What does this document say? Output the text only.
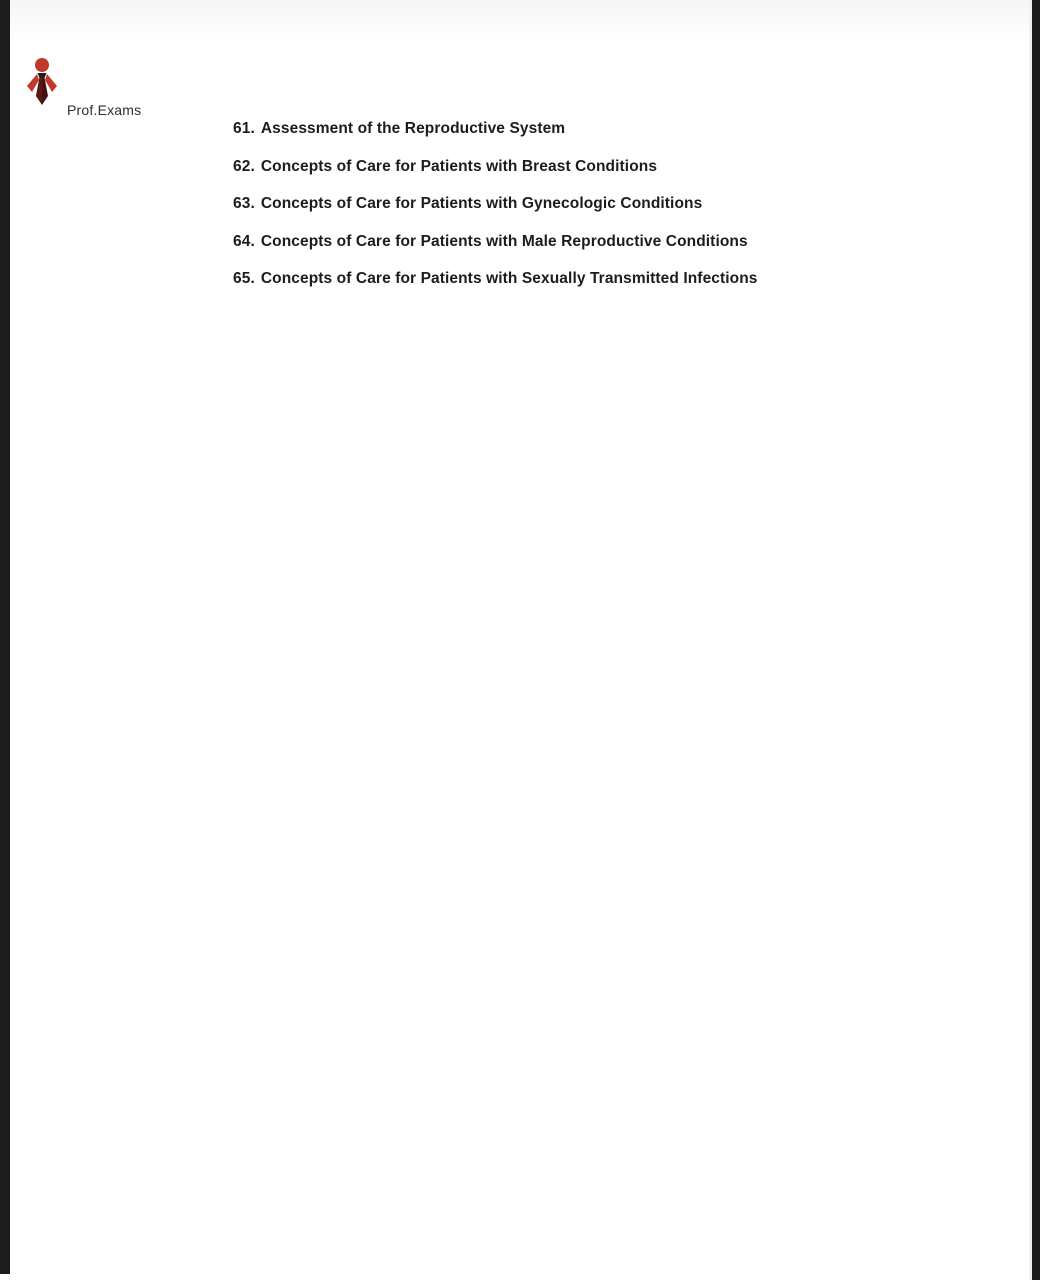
Prof.Exams
61. Assessment of the Reproductive System
62. Concepts of Care for Patients with Breast Conditions
63. Concepts of Care for Patients with Gynecologic Conditions
64. Concepts of Care for Patients with Male Reproductive Conditions
65. Concepts of Care for Patients with Sexually Transmitted Infections
